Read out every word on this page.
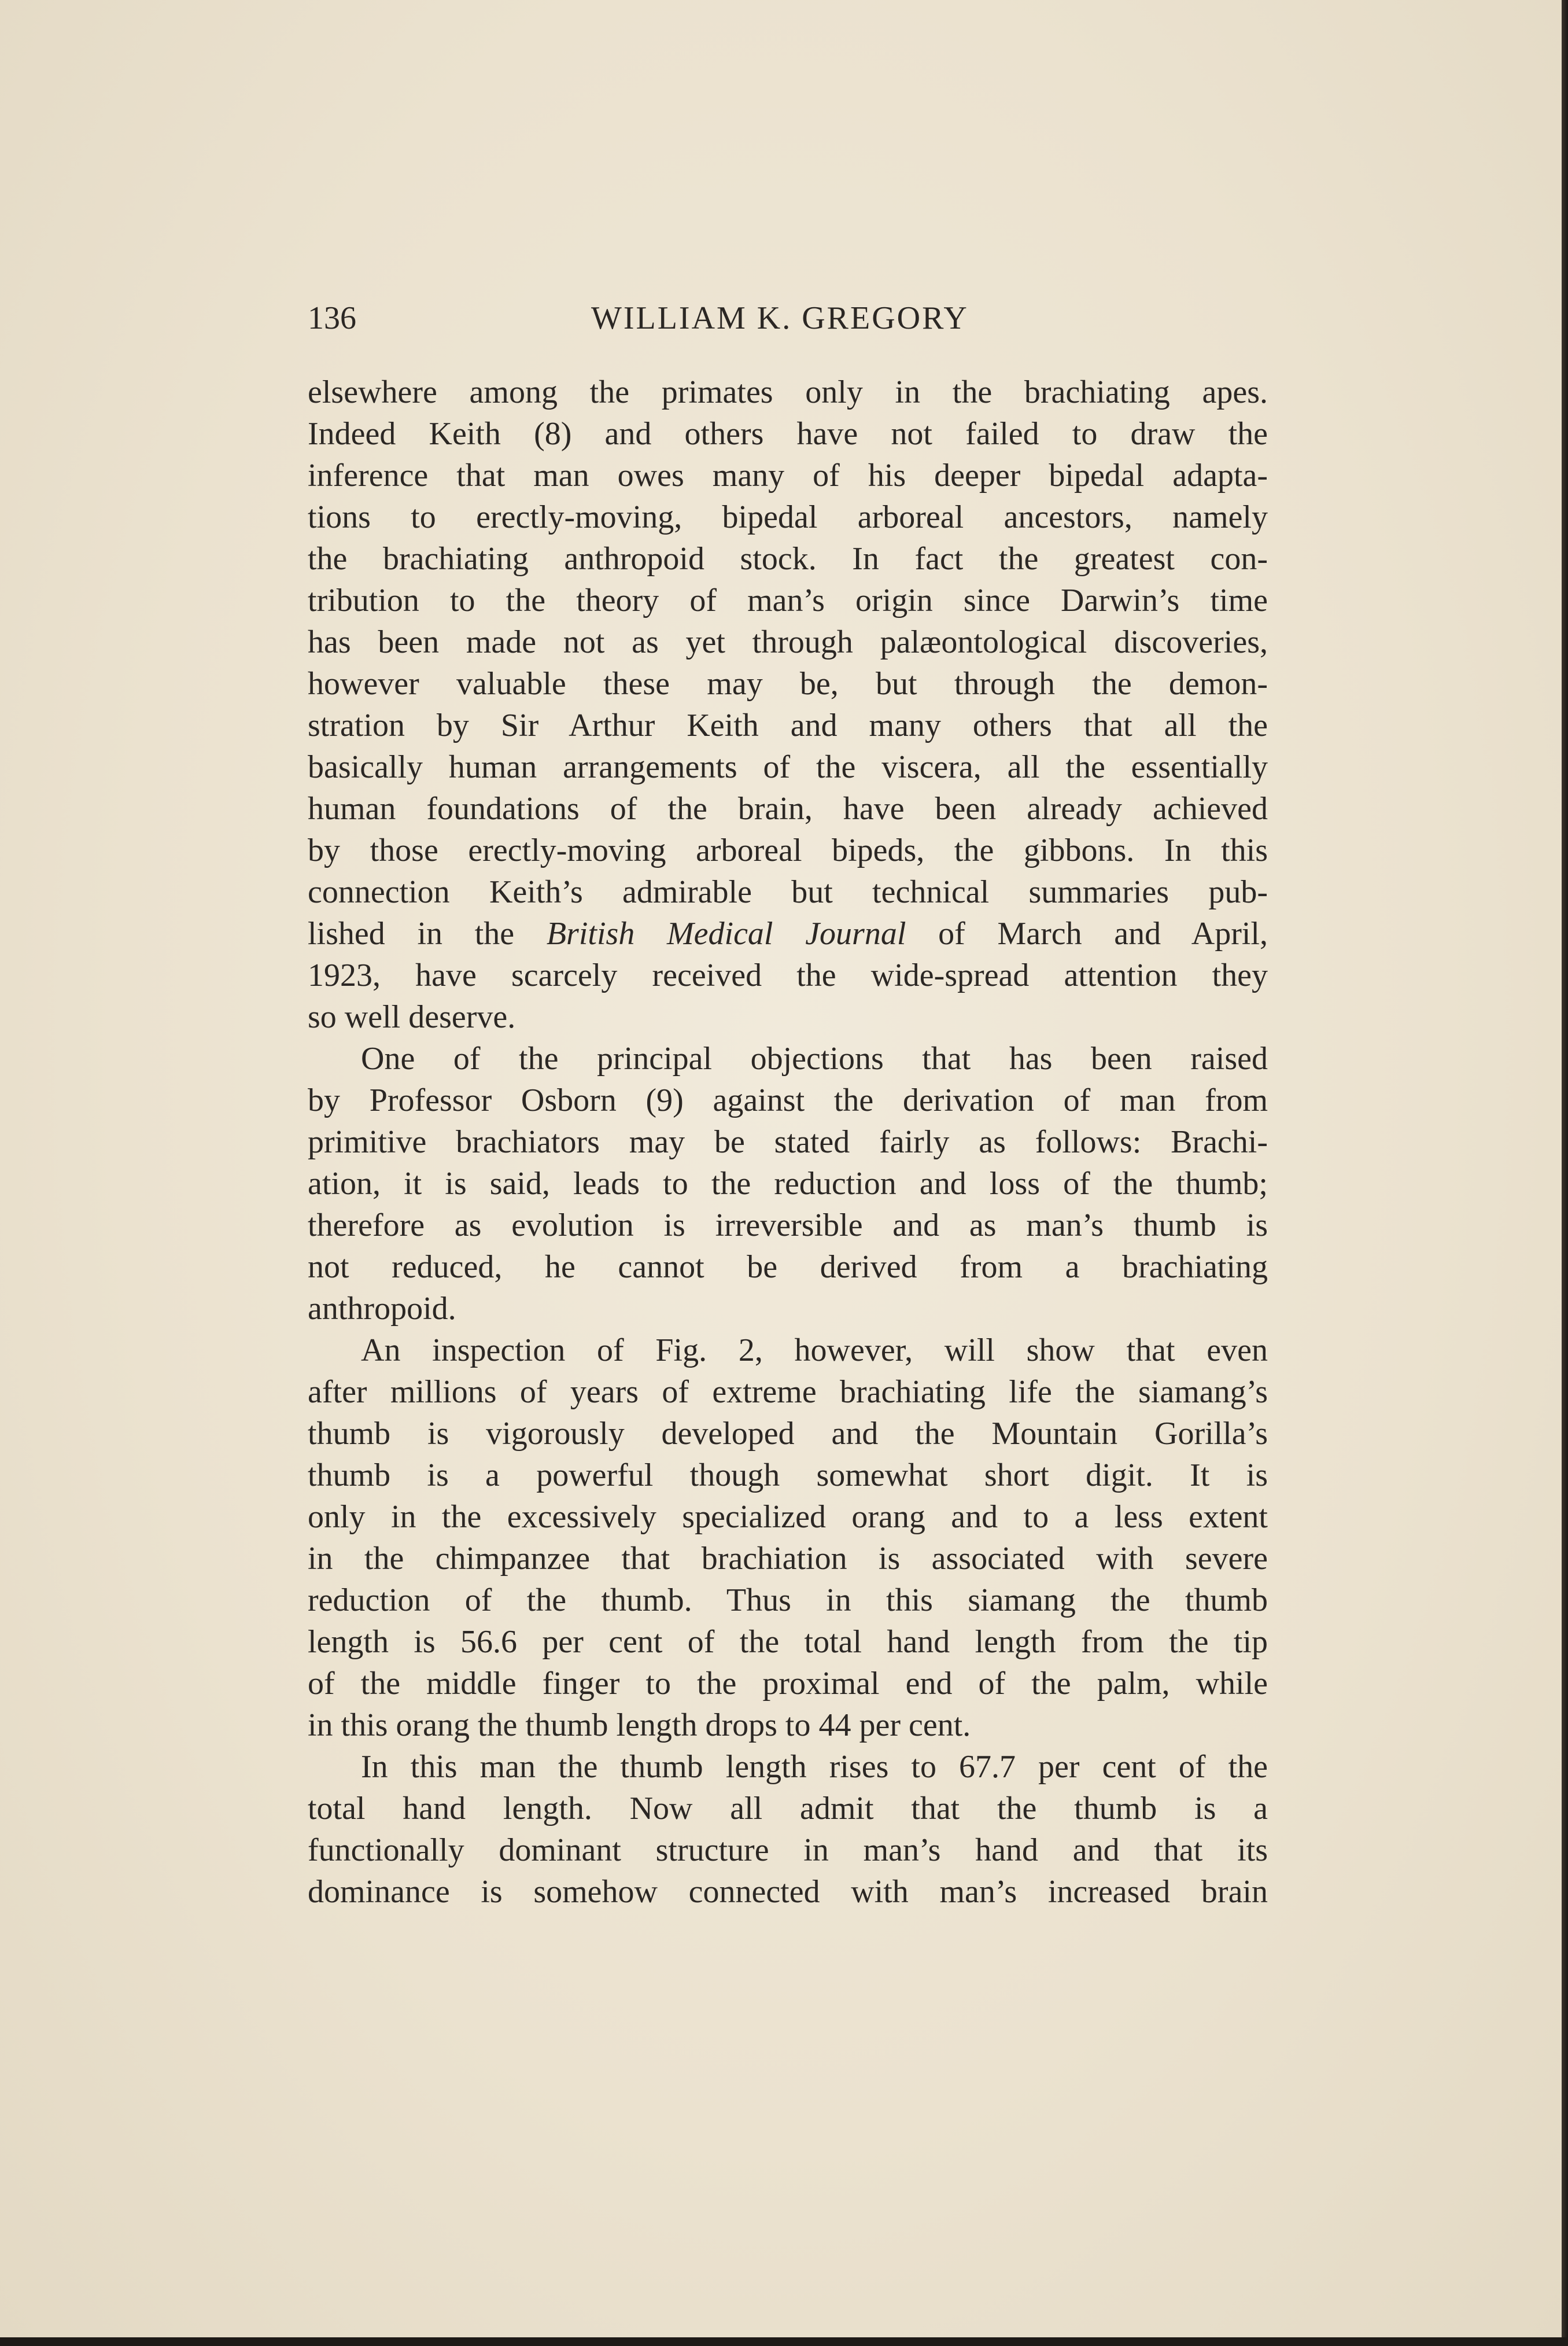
136	WILLIAM K. GREGORY
elsewhere among the primates only in the brachiating apes.
Indeed Keith (8) and others have not failed to draw the
inference that man owes many of his deeper bipedal adapta-
tions to erectly-moving, bipedal arboreal ancestors, namely
the brachiating anthropoid stock. In fact the greatest con-
tribution to the theory of man’s origin since Darwin’s time
has been made not as yet through palæontological discoveries,
however valuable these may be, but through the demon-
stration by Sir Arthur Keith and many others that all the
basically human arrangements of the viscera, all the essentially
human foundations of the brain, have been already achieved
by those erectly-moving arboreal bipeds, the gibbons. In this
connection Keith’s admirable but technical summaries pub-
lished in the British Medical Journal of March and April,
1923, have scarcely received the wide-spread attention they
so well deserve.
One of the principal objections that has been raised
by Professor Osborn (9) against the derivation of man from
primitive brachiators may be stated fairly as follows: Brachi-
ation, it is said, leads to the reduction and loss of the thumb;
therefore as evolution is irreversible and as man’s thumb is
not reduced, he cannot be derived from a brachiating
anthropoid.
An inspection of Fig. 2, however, will show that even
after millions of years of extreme brachiating life the siamang’s
thumb is vigorously developed and the Mountain Gorilla’s
thumb is a powerful though somewhat short digit. It is
only in the excessively specialized orang and to a less extent
in the chimpanzee that brachiation is associated with severe
reduction of the thumb. Thus in this siamang the thumb
length is 56.6 per cent of the total hand length from the tip
of the middle finger to the proximal end of the palm, while
in this orang the thumb length drops to 44 per cent.
In this man the thumb length rises to 67.7 per cent of the
total hand length. Now all admit that the thumb is a
functionally dominant structure in man’s hand and that its
dominance is somehow connected with man’s increased brain
